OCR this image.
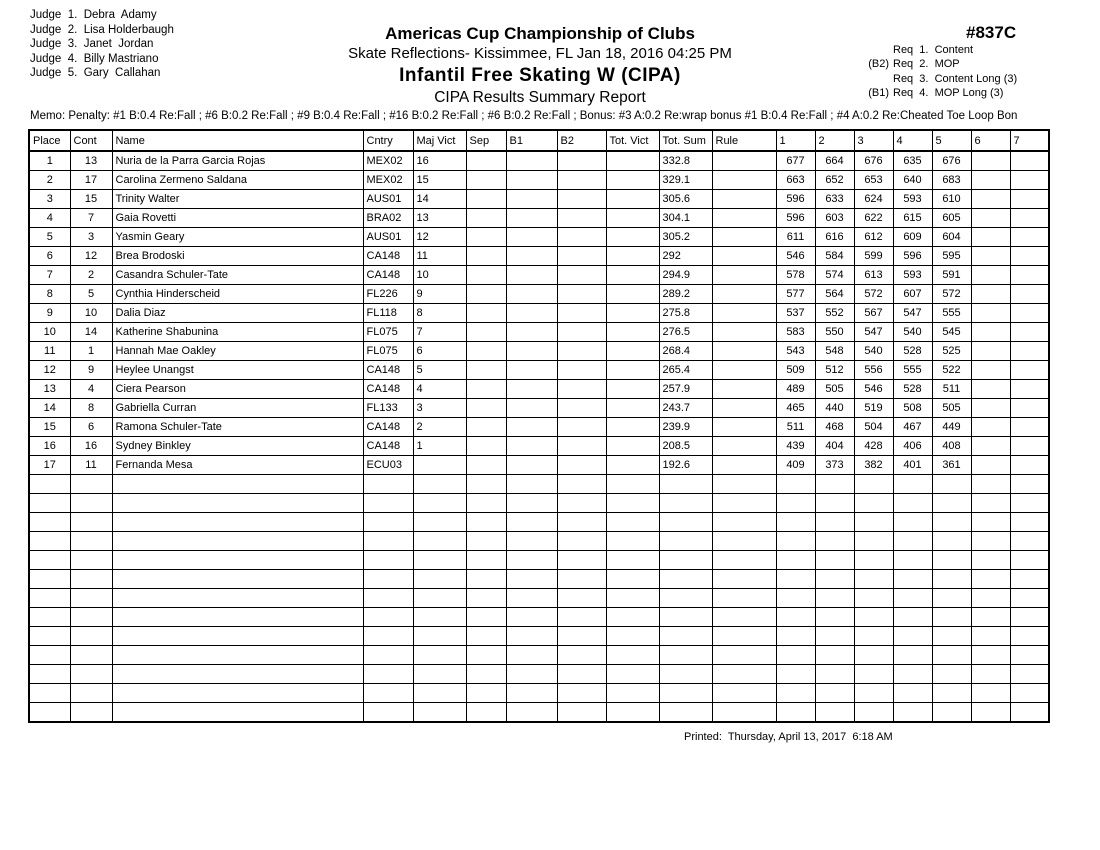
Judge  1.  Debra  Adamy
Judge  2.  Lisa Holderbaugh
Judge  3.  Janet  Jordan
Judge  4.  Billy Mastriano
Judge  5.  Gary  Callahan
Americas Cup Championship of Clubs
Skate Reflections- Kissimmee, FL Jan 18, 2016 04:25 PM
Infantil Free Skating W (CIPA)
CIPA Results Summary Report
#837C
Req  1.  Content
(B2) Req  2.  MOP
Req  3.  Content Long (3)
(B1) Req  4.  MOP Long (3)
Memo: Penalty: #1 B:0.4 Re:Fall ; #6 B:0.2 Re:Fall ; #9 B:0.4 Re:Fall ; #16 B:0.2 Re:Fall ; #6 B:0.2 Re:Fall ; Bonus: #3 A:0.2 Re:wrap bonus #1 B:0.4 Re:Fall ; #4 A:0.2 Re:Cheated Toe Loop Bon
Place	Cont	Name	Cntry	Maj Vict	Sep	B1	B2	Tot. Vict	Tot. Sum	Rule	1	2	3	4	5	6	7
1	13	Nuria de la Parra Garcia Rojas	MEX02	16					332.8		677	664	676	635	676		
2	17	Carolina Zermeno Saldana	MEX02	15					329.1		663	652	653	640	683		
3	15	Trinity Walter	AUS01	14					305.6		596	633	624	593	610		
4	7	Gaia Rovetti	BRA02	13					304.1		596	603	622	615	605		
5	3	Yasmin Geary	AUS01	12					305.2		611	616	612	609	604		
6	12	Brea Brodoski	CA148	11					292		546	584	599	596	595		
7	2	Casandra Schuler-Tate	CA148	10					294.9		578	574	613	593	591		
8	5	Cynthia Hinderscheid	FL226	9					289.2		577	564	572	607	572		
9	10	Dalia Diaz	FL118	8					275.8		537	552	567	547	555		
10	14	Katherine Shabunina	FL075	7					276.5		583	550	547	540	545		
11	1	Hannah Mae Oakley	FL075	6					268.4		543	548	540	528	525		
12	9	Heylee Unangst	CA148	5					265.4		509	512	556	555	522		
13	4	Ciera Pearson	CA148	4					257.9		489	505	546	528	511		
14	8	Gabriella Curran	FL133	3					243.7		465	440	519	508	505		
15	6	Ramona Schuler-Tate	CA148	2					239.9		511	468	504	467	449		
16	16	Sydney Binkley	CA148	1					208.5		439	404	428	406	408		
17	11	Fernanda Mesa	ECU03						192.6		409	373	382	401	361		

Printed:  Thursday, April 13, 2017  6:18 AM
